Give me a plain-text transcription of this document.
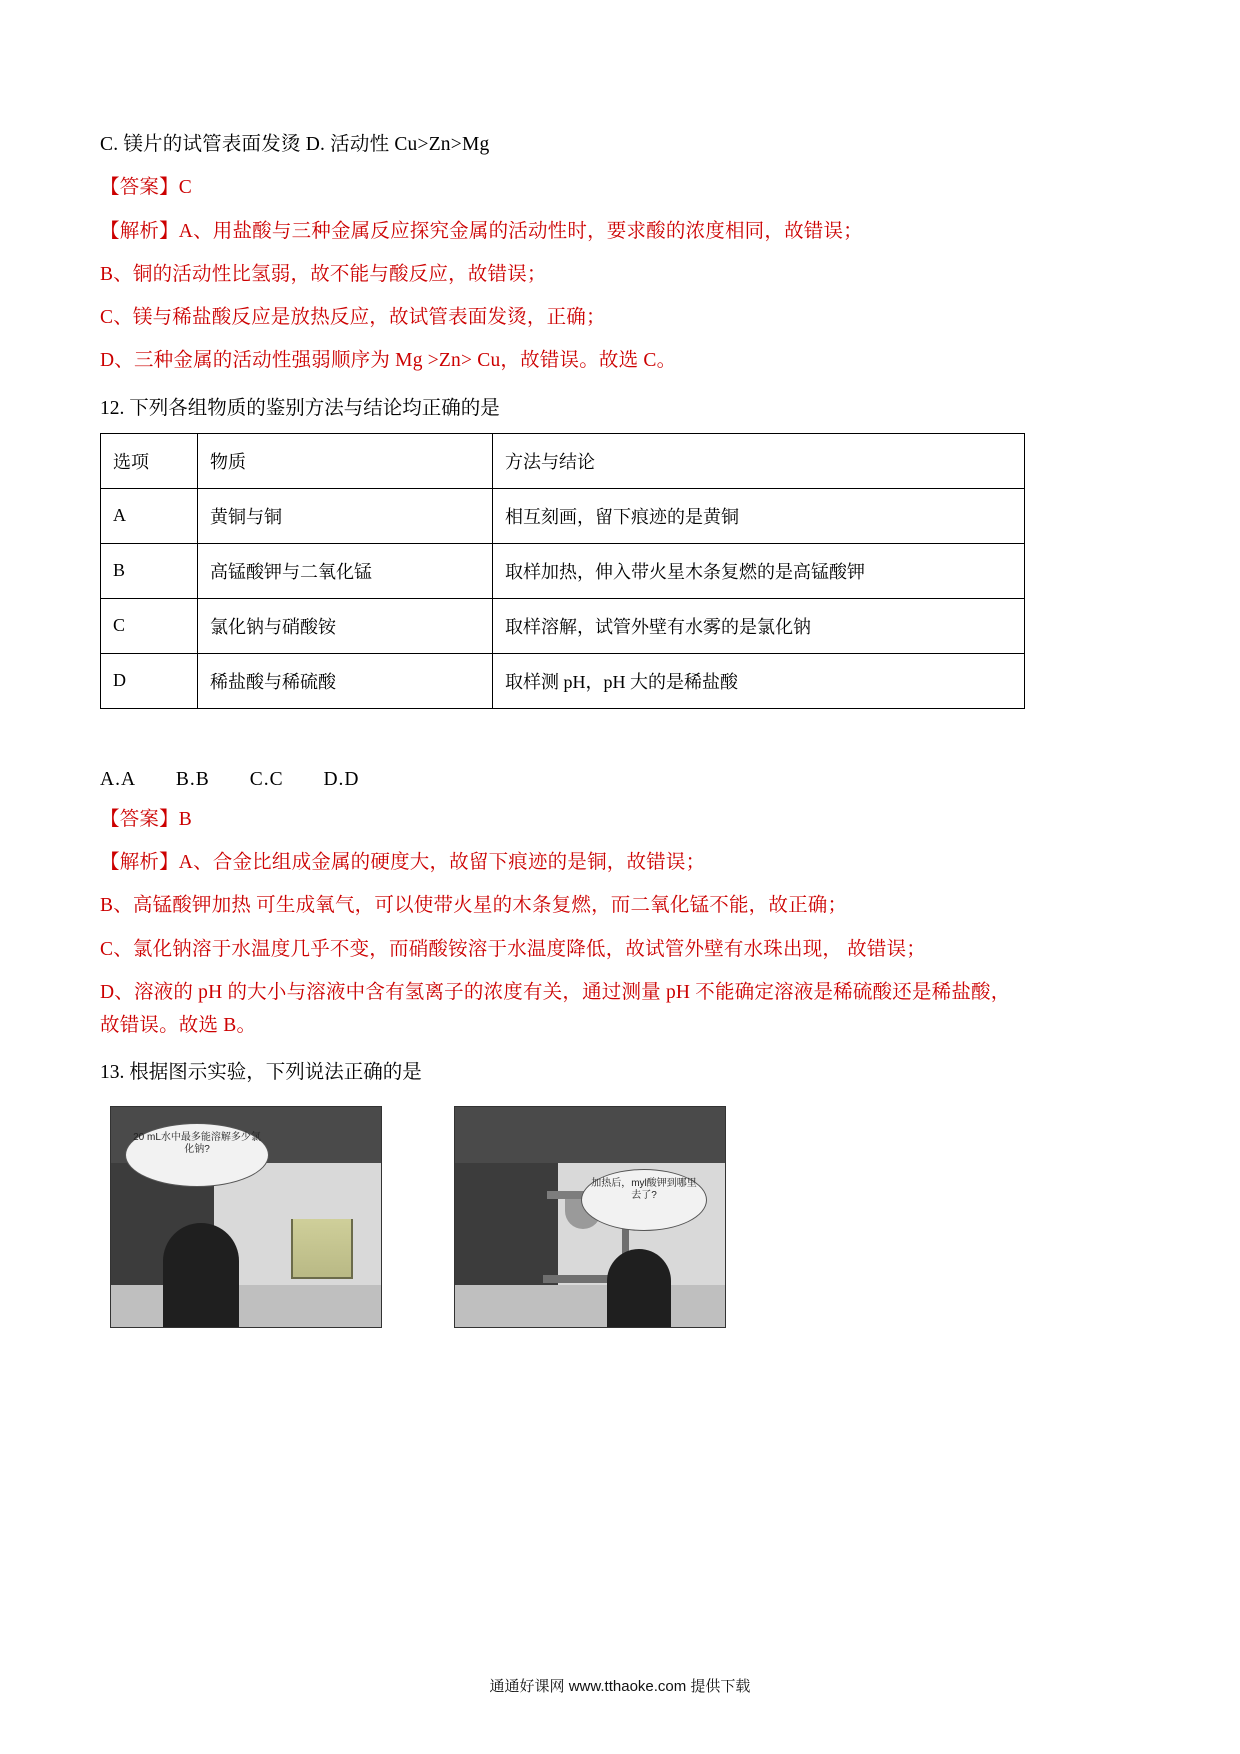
C. 镁片的试管表面发烫 D. 活动性 Cu>Zn>Mg

【答案】C

【解析】A、用盐酸与三种金属反应探究金属的活动性时，要求酸的浓度相同，故错误；

B、铜的活动性比氢弱，故不能与酸反应，故错误；

C、镁与稀盐酸反应是放热反应，故试管表面发烫，正确；

D、三种金属的活动性强弱顺序为 Mg >Zn> Cu，故错误。故选 C。

12. 下列各组物质的鉴别方法与结论均正确的是

选项	物质	方法与结论
A	黄铜与铜	相互刻画，留下痕迹的是黄铜
B	高锰酸钾与二氧化锰	取样加热，伸入带火星木条复燃的是高锰酸钾
C	氯化钠与硝酸铵	取样溶解，试管外壁有水雾的是氯化钠
D	稀盐酸与稀硫酸	取样测 pH，pH 大的是稀盐酸

A.A B.B C.C D.D

【答案】B

【解析】A、合金比组成金属的硬度大，故留下痕迹的是铜，故错误；

B、高锰酸钾加热 可生成氧气，可以使带火星的木条复燃，而二氧化锰不能，故正确；

C、氯化钠溶于水温度几乎不变，而硝酸铵溶于水温度降低，故试管外壁有水珠出现， 故错误；

D、溶液的 pH 的大小与溶液中含有氢离子的浓度有关，通过测量 pH 不能确定溶液是稀硫酸还是稀盐酸，

故错误。故选 B。

13. 根据图示实验，下列说法正确的是

20 mL水中最多能溶解多少氯化钠?
加热后，myl酸钾到哪里去了?
通通好课网 www.tthaoke.com 提供下载
